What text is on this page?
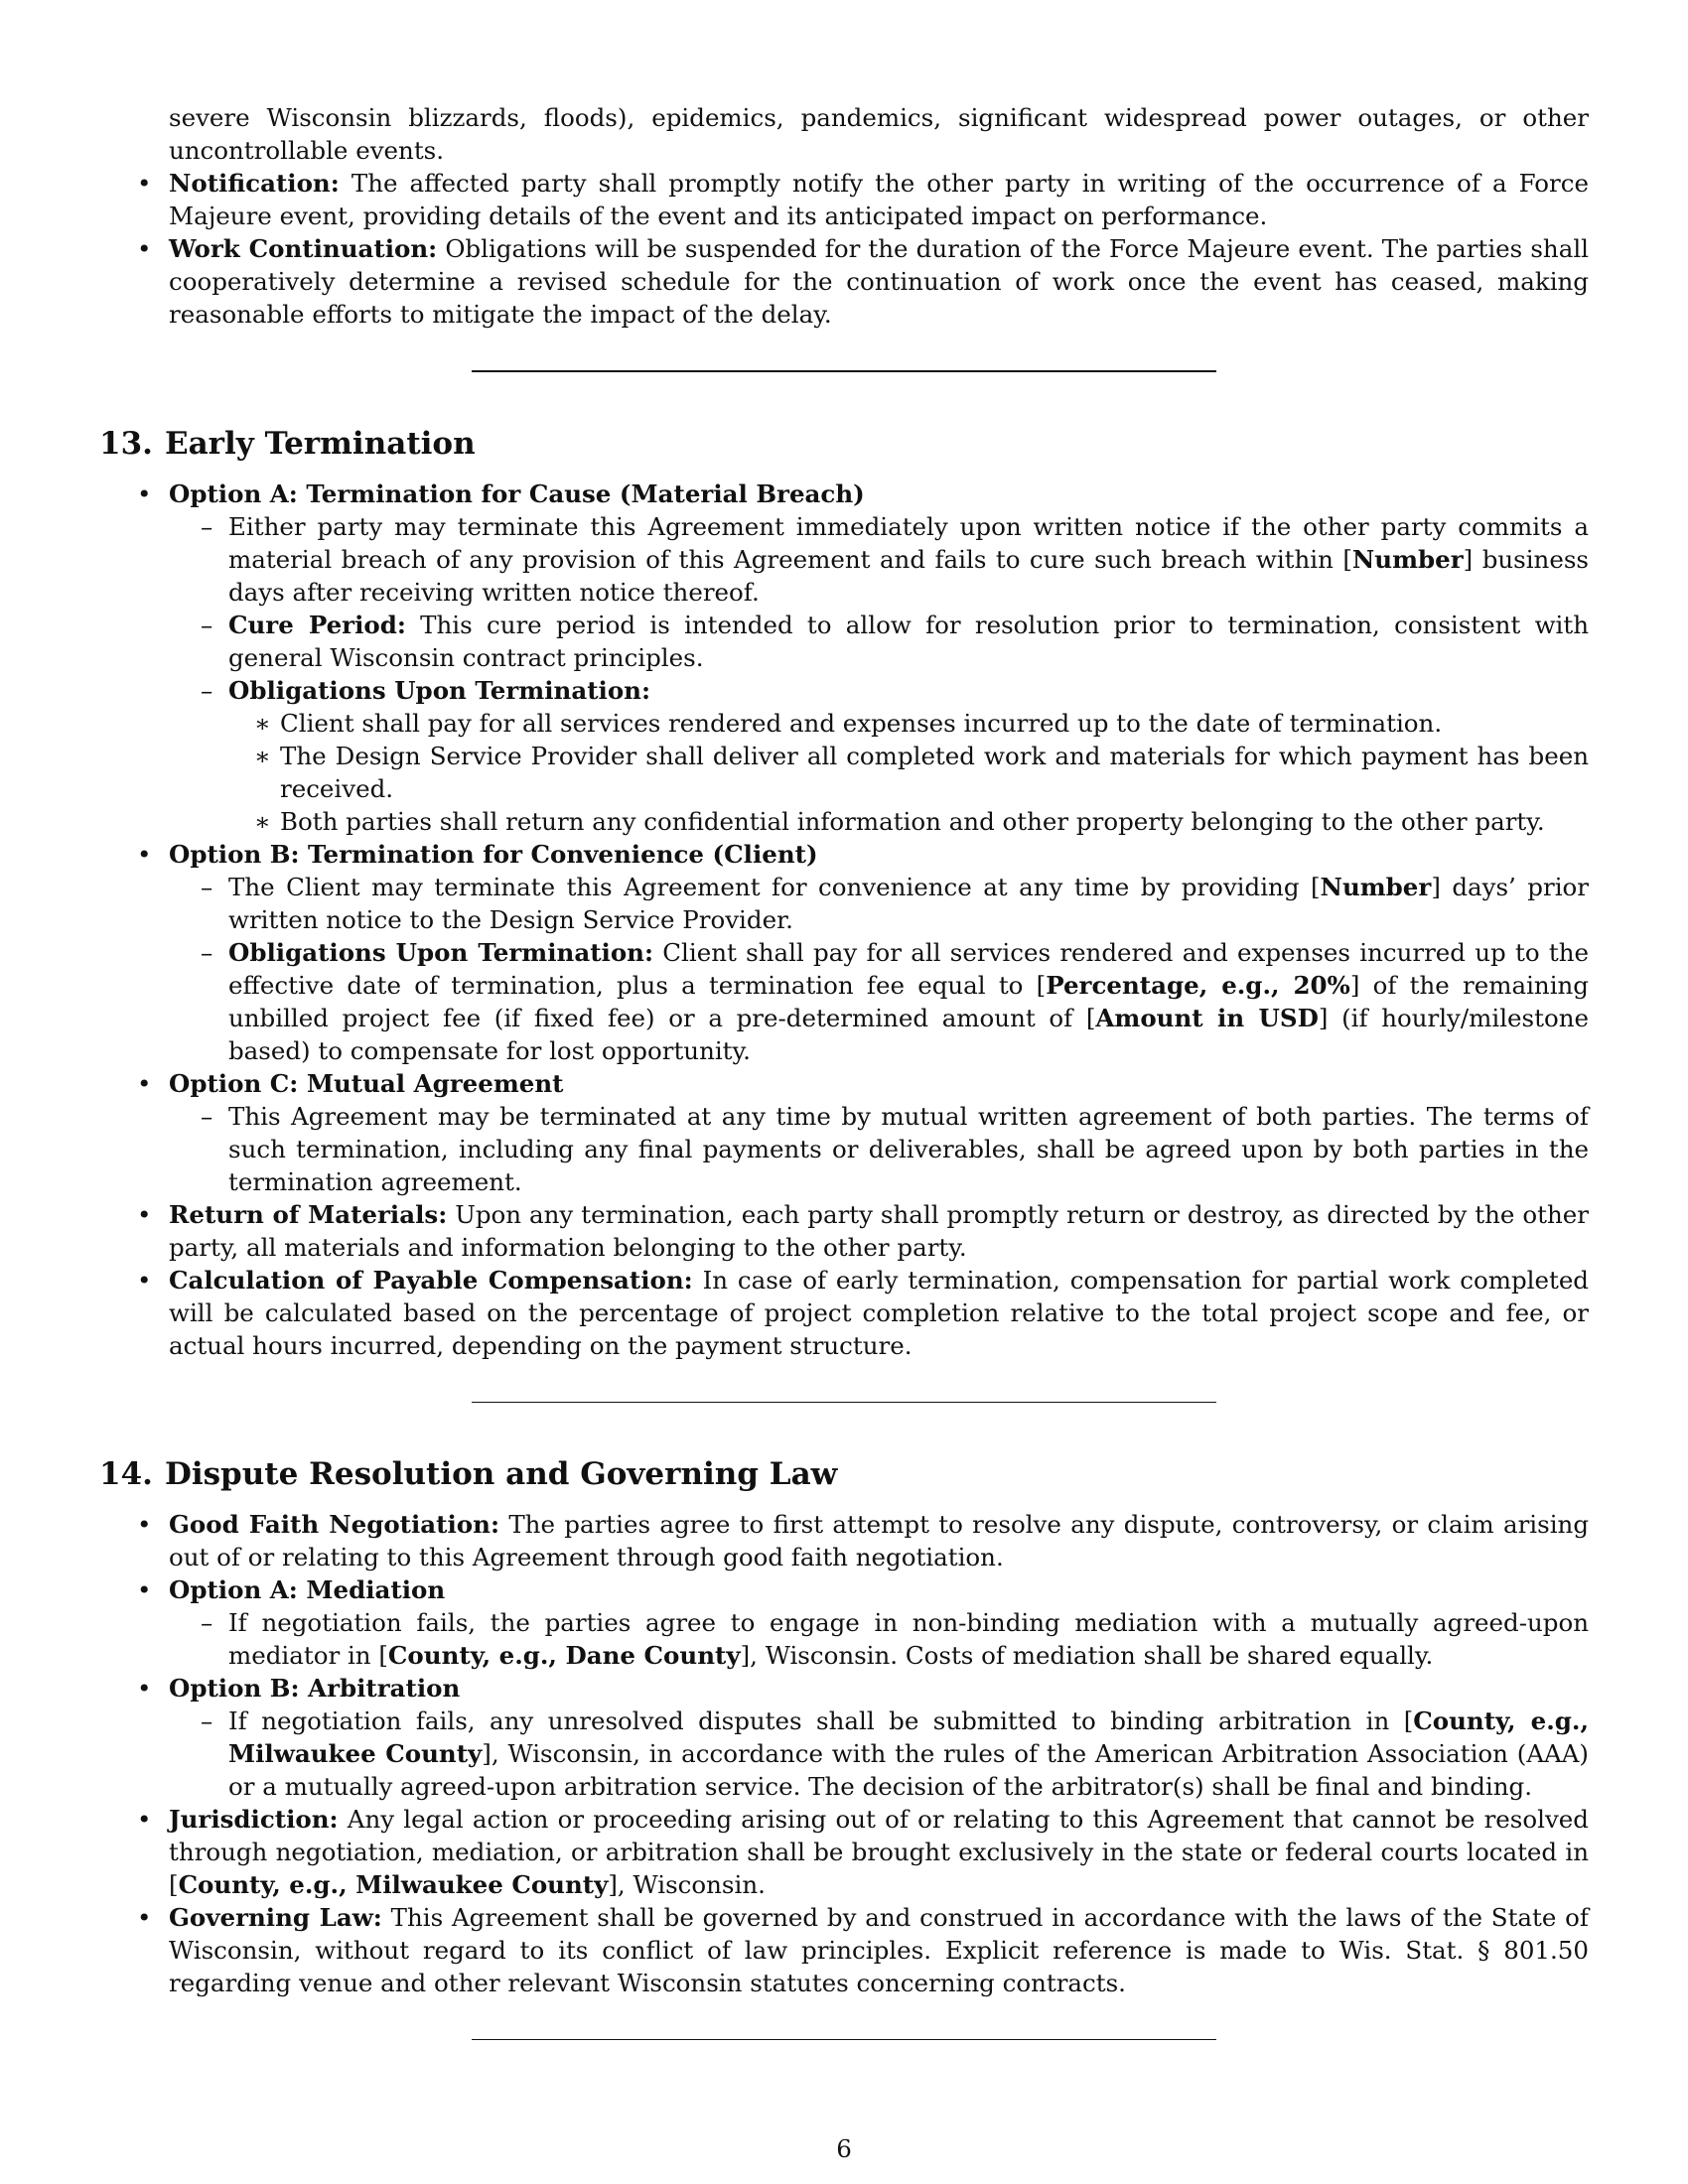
severe Wisconsin blizzards, floods), epidemics, pandemics, significant widespread power outages, or other uncontrollable events.
• Notification: The affected party shall promptly notify the other party in writing of the occurrence of a Force Majeure event, providing details of the event and its anticipated impact on performance.
• Work Continuation: Obligations will be suspended for the duration of the Force Majeure event. The parties shall cooperatively determine a revised schedule for the continuation of work once the event has ceased, making reasonable efforts to mitigate the impact of the delay.
13. Early Termination
• Option A: Termination for Cause (Material Breach)
– Either party may terminate this Agreement immediately upon written notice if the other party commits a material breach of any provision of this Agreement and fails to cure such breach within [Number] business days after receiving written notice thereof.
– Cure Period: This cure period is intended to allow for resolution prior to termination, consistent with general Wisconsin contract principles.
– Obligations Upon Termination:
∗ Client shall pay for all services rendered and expenses incurred up to the date of termination.
∗ The Design Service Provider shall deliver all completed work and materials for which payment has been received.
∗ Both parties shall return any confidential information and other property belonging to the other party.
• Option B: Termination for Convenience (Client)
– The Client may terminate this Agreement for convenience at any time by providing [Number] days’ prior written notice to the Design Service Provider.
– Obligations Upon Termination: Client shall pay for all services rendered and expenses incurred up to the effective date of termination, plus a termination fee equal to [Percentage, e.g., 20%] of the remaining unbilled project fee (if fixed fee) or a pre-determined amount of [Amount in USD] (if hourly/milestone based) to compensate for lost opportunity.
• Option C: Mutual Agreement
– This Agreement may be terminated at any time by mutual written agreement of both parties. The terms of such termination, including any final payments or deliverables, shall be agreed upon by both parties in the termination agreement.
• Return of Materials: Upon any termination, each party shall promptly return or destroy, as directed by the other party, all materials and information belonging to the other party.
• Calculation of Payable Compensation: In case of early termination, compensation for partial work completed will be calculated based on the percentage of project completion relative to the total project scope and fee, or actual hours incurred, depending on the payment structure.
14. Dispute Resolution and Governing Law
• Good Faith Negotiation: The parties agree to first attempt to resolve any dispute, controversy, or claim arising out of or relating to this Agreement through good faith negotiation.
• Option A: Mediation
– If negotiation fails, the parties agree to engage in non-binding mediation with a mutually agreed-upon mediator in [County, e.g., Dane County], Wisconsin. Costs of mediation shall be shared equally.
• Option B: Arbitration
– If negotiation fails, any unresolved disputes shall be submitted to binding arbitration in [County, e.g., Milwaukee County], Wisconsin, in accordance with the rules of the American Arbitration Association (AAA) or a mutually agreed-upon arbitration service. The decision of the arbitrator(s) shall be final and binding.
• Jurisdiction: Any legal action or proceeding arising out of or relating to this Agreement that cannot be resolved through negotiation, mediation, or arbitration shall be brought exclusively in the state or federal courts located in [County, e.g., Milwaukee County], Wisconsin.
• Governing Law: This Agreement shall be governed by and construed in accordance with the laws of the State of Wisconsin, without regard to its conflict of law principles. Explicit reference is made to Wis. Stat. § 801.50 regarding venue and other relevant Wisconsin statutes concerning contracts.
6
